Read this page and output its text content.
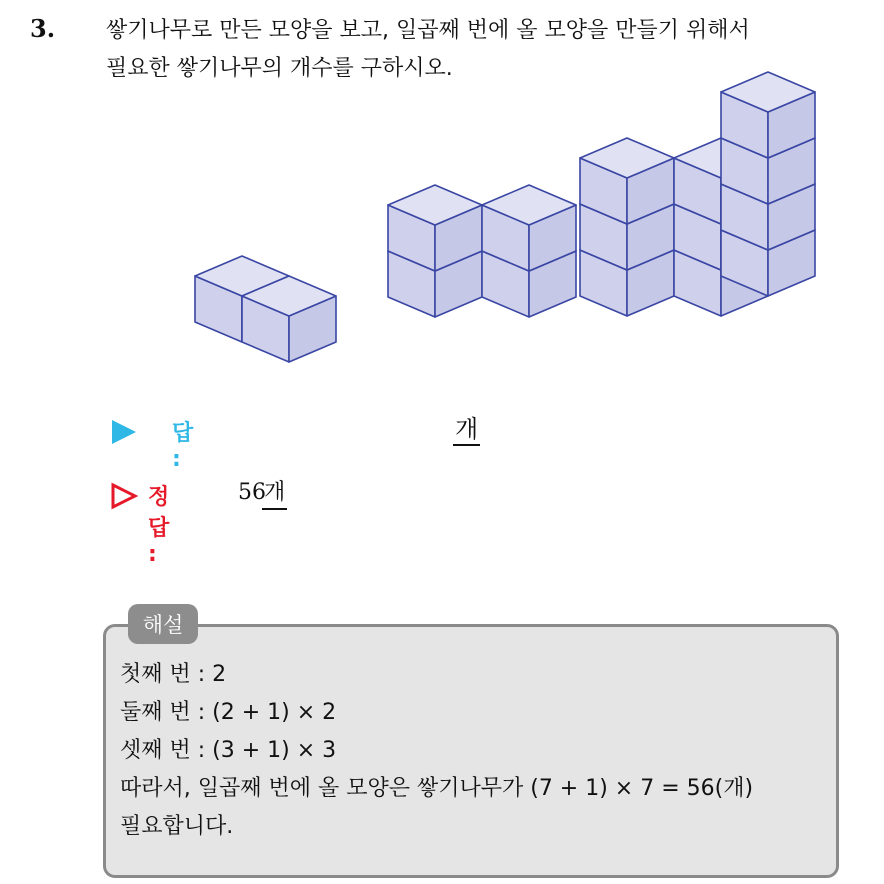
3. 쌓기나무로 만든 모양을 보고, 일곱째 번에 올 모양을 만들기 위해서
필요한 쌓기나무의 개수를 구하시오.
답 :
개
정답 :
56
개
해설
첫째 번 : 2
둘째 번 : (2 + 1) × 2
셋째 번 : (3 + 1) × 3
따라서, 일곱째 번에 올 모양은 쌓기나무가 (7 + 1) × 7 = 56(개)
필요합니다.
